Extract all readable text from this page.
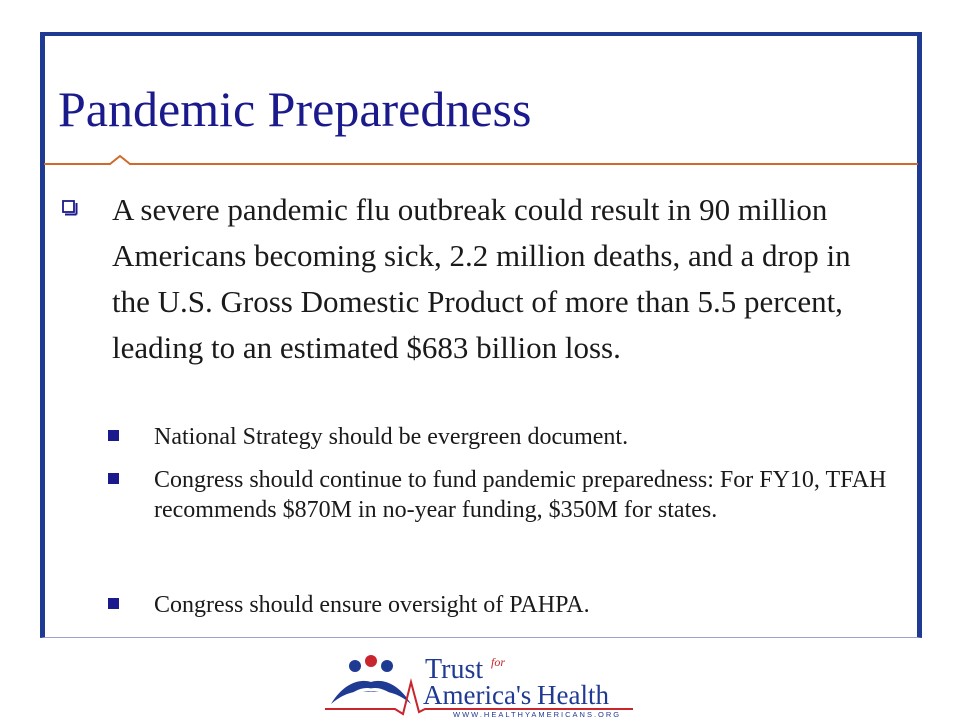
Pandemic Preparedness

A severe pandemic flu outbreak could result in 90 million Americans becoming sick, 2.2 million deaths, and a drop in the U.S. Gross Domestic Product of more than 5.5 percent, leading to an estimated $683 billion loss.

National Strategy should be evergreen document.

Congress should continue to fund pandemic preparedness: For FY10, TFAH recommends $870M in no-year funding, $350M for states.

Congress should ensure oversight of PAHPA.

Trust for
America's Health
WWW.HEALTHYAMERICANS.ORG
